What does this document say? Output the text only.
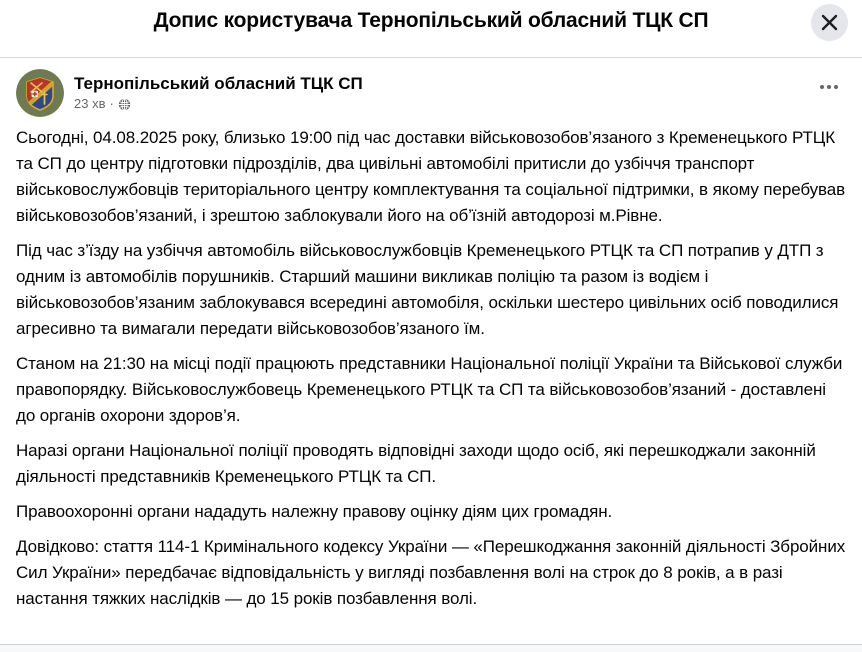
Допис користувача Тернопільський обласний ТЦК СП
Тернопільський обласний ТЦК СП
23 хв ·

Сьогодні, 04.08.2025 року, близько 19:00 під час доставки військовозобов’язаного з Кременецького РТЦК та СП до центру підготовки підрозділів, два цивільні автомобілі притисли до узбіччя транспорт військовослужбовців територіального центру комплектування та соціальної підтримки, в якому перебував військовозобов’язаний, і зрештою заблокували його на об’їзній автодорозі м.Рівне.

Під час з’їзду на узбіччя автомобіль військовослужбовців Кременецького РТЦК та СП потрапив у ДТП з одним із автомобілів порушників. Старший машини викликав поліцію та разом із водієм і військовозобов’язаним заблокувався всередині автомобіля, оскільки шестеро цивільних осіб поводилися агресивно та вимагали передати військовозобов’язаного їм.

Станом на 21:30 на місці події працюють представники Національної поліції України та Військової служби правопорядку. Військовослужбовець Кременецького РТЦК та СП та військовозобов’язаний - доставлені до органів охорони здоров’я.

Наразі органи Національної поліції проводять відповідні заходи щодо осіб, які перешкоджали законній діяльності представників Кременецького РТЦК та СП.

Правоохоронні органи нададуть належну правову оцінку діям цих громадян.

Довідково: стаття 114-1 Кримінального кодексу України — «Перешкоджання законній діяльності Збройних Сил України» передбачає відповідальність у вигляді позбавлення волі на строк до 8 років, а в разі настання тяжких наслідків — до 15 років позбавлення волі.
